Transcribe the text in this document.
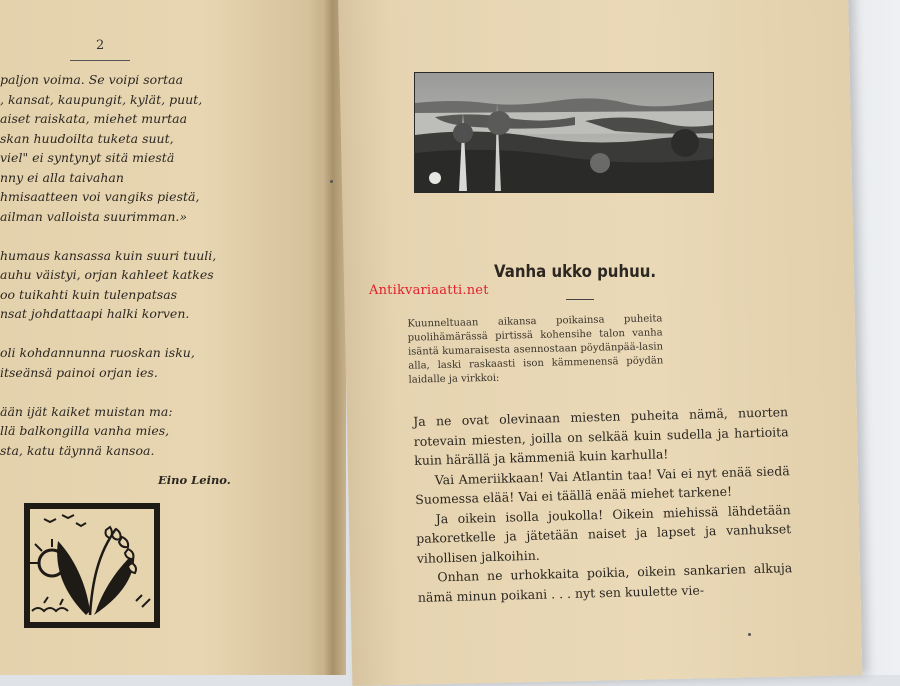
2
paljon voima. Se voipi sortaa
, kansat, kaupungit, kylät, puut,
aiset raiskata, miehet murtaa
skan huudoilta tuketa suut,
viel" ei syntynyt sitä miestä
nny ei alla taivahan
hmisaatteen voi vangiks piestä,
ailman valloista suurimman.»
humaus kansassa kuin suuri tuuli,
auhu väistyi, orjan kahleet katkes
oo tuikahti kuin tulenpatsas
nsat johdattaapi halki korven.
oli kohdannunna ruoskan isku,
itseänsä painoi orjan ies.
ään ijät kaiket muistan ma:
llä balkongilla vanha mies,
sta, katu täynnä kansoa.
Eino Leino.
Vanha ukko puhuu.
Kuunneltuaan aikansa poikainsa puheita puolihämärässä pirtissä kohensihe talon vanha isäntä kumaraisesta asennostaan pöydänpää-lasin alla, laski raskaasti ison kämmenensä pöydän laidalle ja virkkoi:

Ja ne ovat olevinaan miesten puheita nämä, nuorten rotevain miesten, joilla on selkää kuin sudella ja hartioita kuin härällä ja kämmeniä kuin karhulla!

Vai Ameriikkaan! Vai Atlantin taa! Vai ei nyt enää siedä Suomessa elää! Vai ei täällä enää miehet tarkene!

Ja oikein isolla joukolla! Oikein miehissä lähdetään pakoretkelle ja jätetään naiset ja lapset ja vanhukset vihollisen jalkoihin.

Onhan ne urhokkaita poikia, oikein sankarien alkuja nämä minun poikani . . . nyt sen kuulette vie-

Antikvariaatti.net
